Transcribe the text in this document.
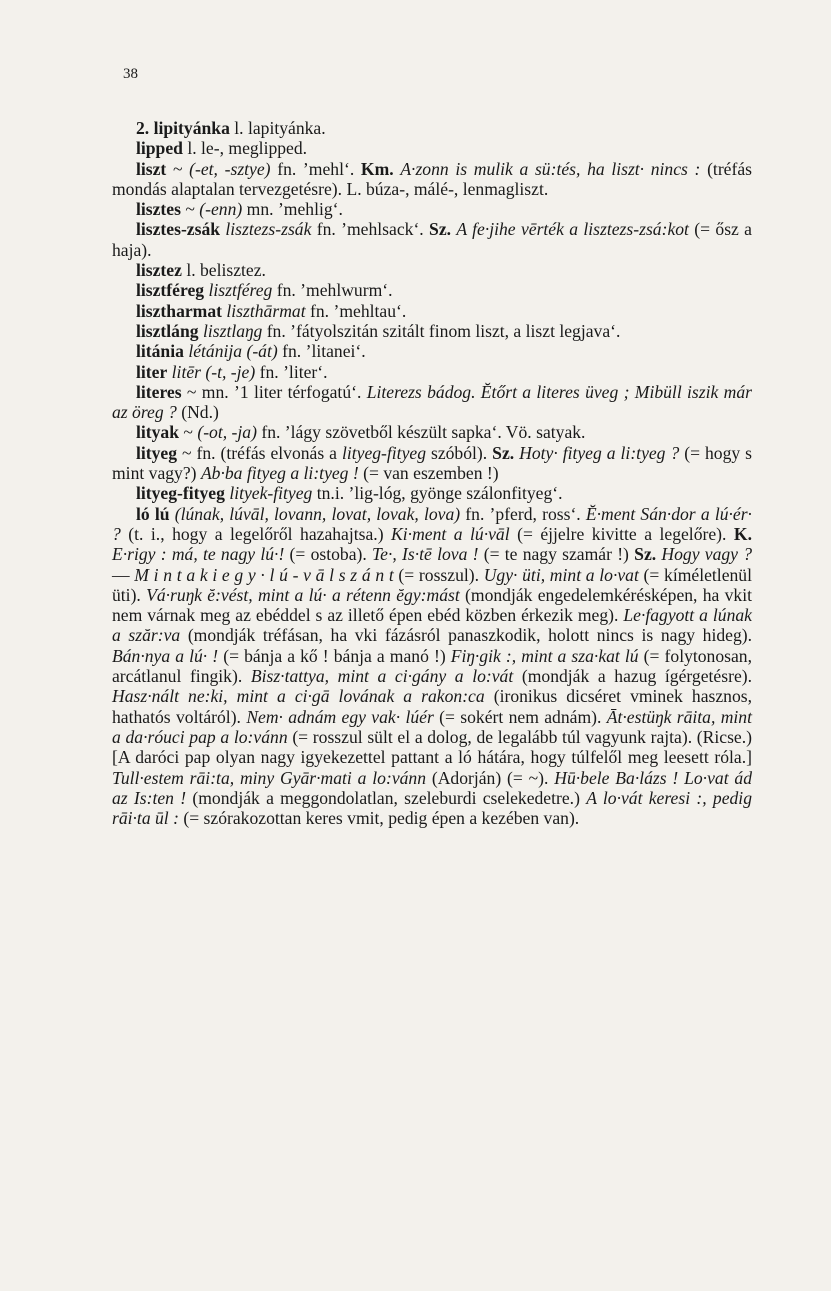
38

2. lipityánka l. lapityánka.

lipped l. le-, meglipped.

liszt ~ (-et, -sztye) fn. ’mehl‘. Km. A·zonn is mulik a sü:tés, ha liszt· nincs : (tréfás mondás alaptalan tervezgetésre). L. búza-, málé-, lenmagliszt.

lisztes ~ (-enn) mn. ’mehlig‘.

lisztes-zsák lisztezs-zsák fn. ’mehlsack‘. Sz. A fe·jihe vērték a lisztezs-zsá:kot (= ősz a haja).

lisztez l. belisztez.

lisztféreg lisztféreg fn. ’mehlwurm‘.

lisztharmat liszthārmat fn. ’mehltau‘.

lisztláng lisztlaŋg fn. ’fátyolszitán szitált finom liszt, a liszt legjava‘.

litánia létánija (-át) fn. ’litanei‘.

liter litēr (-t, -je) fn. ’liter‘.

literes ~ mn. ’1 liter térfogatú‘. Literezs bádog. Ĕtőrt a literes üveg ; Mibüll iszik már az öreg ? (Nd.)

lityak ~ (-ot, -ja) fn. ’lágy szövetből készült sapka‘. Vö. satyak.

lityeg ~ fn. (tréfás elvonás a lityeg-fityeg szóból). Sz. Hoty· fityeg a li:tyeg ? (= hogy s mint vagy?) Ab·ba fityeg a li:tyeg ! (= van eszemben !)

lityeg-fityeg lityek-fityeg tn.i. ’lig-lóg, gyönge szálonfityeg‘.

ló lú (lúnak, lúvāl, lovann, lovat, lovak, lova) fn. ’pferd, ross‘. Ĕ·ment Sán·dor a lú·ér· ? (t. i., hogy a legelőről hazahajtsa.) Ki·ment a lú·vāl (= éjjelre kivitte a legelőre). K. E·rigy : má, te nagy lú·! (= ostoba). Te·, Is·tē lova ! (= te nagy szamár !) Sz. Hogy vagy ? — M i n t a k i e g y · l ú - v ā l s z á n t (= rosszul). Ugy· üti, mint a lo·vat (= kíméletlenül üti). Vá·ruŋk ĕ:vést, mint a lú· a rétenn ĕgy:mást (mondják engedelemkérésképen, ha vkit nem várnak meg az ebéddel s az illető épen ebéd közben érkezik meg). Le·fagyott a lúnak a szăr:va (mondják tréfásan, ha vki fázásról panaszkodik, holott nincs is nagy hideg). Bán·nya a lú· ! (= bánja a kő ! bánja a manó !) Fiŋ·gik :, mint a sza·kat lú (= folytonosan, arcátlanul fingik). Bisz·tattya, mint a ci·gány a lo:vát (mondják a hazug ígérgetésre). Hasz·nált ne:ki, mint a ci·gā lovának a rakon:ca (ironikus dicséret vminek hasznos, hathatós voltáról). Nem· adnám egy vak· lúér (= sokért nem adnám). Āt·estüŋk rāita, mint a da·róuci pap a lo:vánn (= rosszul sült el a dolog, de legalább túl vagyunk rajta). (Ricse.) [A daróci pap olyan nagy igyekezettel pattant a ló hátára, hogy túlfelől meg leesett róla.] Tull·estem rāi:ta, miny Gyār·mati a lo:vánn (Adorján) (= ~). Hū·bele Ba·lázs ! Lo·vat ád az Is:ten ! (mondják a meggondolatlan, szeleburdi cselekedetre.) A lo·vát keresi :, pedig rāi·ta ūl : (= szórakozottan keres vmit, pedig épen a kezében van).
